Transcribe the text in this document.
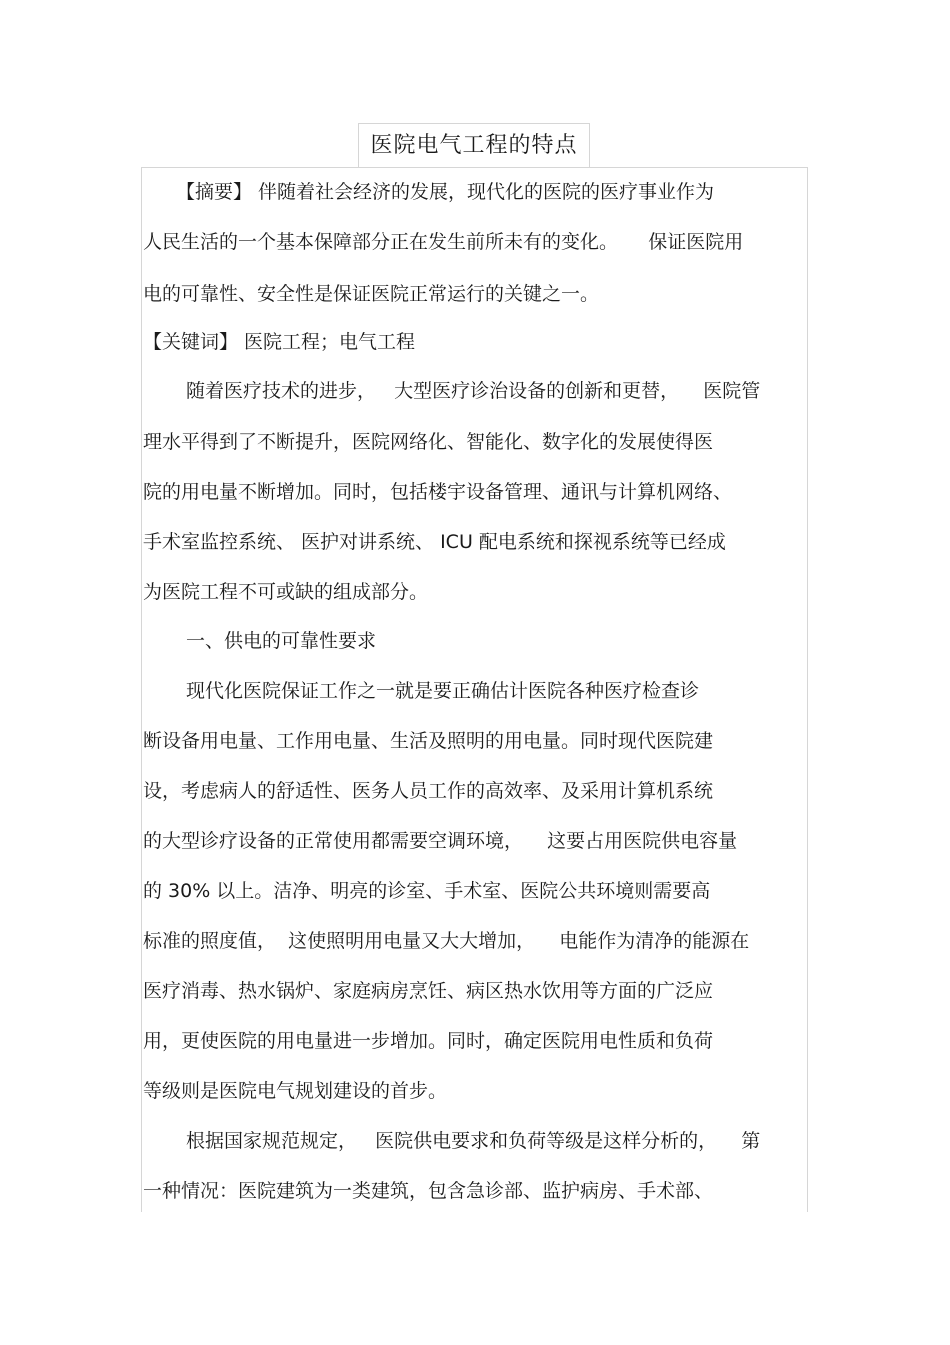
医院电气工程的特点
【摘要】 伴随着社会经济的发展，现代化的医院的医疗事业作为
人民生活的一个基本保障部分正在发生前所未有的变化。     保证医院用
电的可靠性、安全性是保证医院正常运行的关键之一。
【关键词】 医院工程；电气工程
随着医疗技术的进步，   大型医疗诊治设备的创新和更替，    医院管
理水平得到了不断提升，医院网络化、智能化、数字化的发展使得医
院的用电量不断增加。同时，包括楼宇设备管理、通讯与计算机网络、
手术室监控系统、 医护对讲系统、 ICU 配电系统和探视系统等已经成
为医院工程不可或缺的组成部分。
一、供电的可靠性要求
现代化医院保证工作之一就是要正确估计医院各种医疗检查诊
断设备用电量、工作用电量、生活及照明的用电量。同时现代医院建
设，考虑病人的舒适性、医务人员工作的高效率、及采用计算机系统
的大型诊疗设备的正常使用都需要空调环境，    这要占用医院供电容量
的 30% 以上。洁净、明亮的诊室、手术室、医院公共环境则需要高
标准的照度值，  这使照明用电量又大大增加，    电能作为清净的能源在
医疗消毒、热水锅炉、家庭病房烹饪、病区热水饮用等方面的广泛应
用，更使医院的用电量进一步增加。同时，确定医院用电性质和负荷
等级则是医院电气规划建设的首步。
根据国家规范规定，   医院供电要求和负荷等级是这样分析的，    第
一种情况：医院建筑为一类建筑，包含急诊部、监护病房、手术部、
